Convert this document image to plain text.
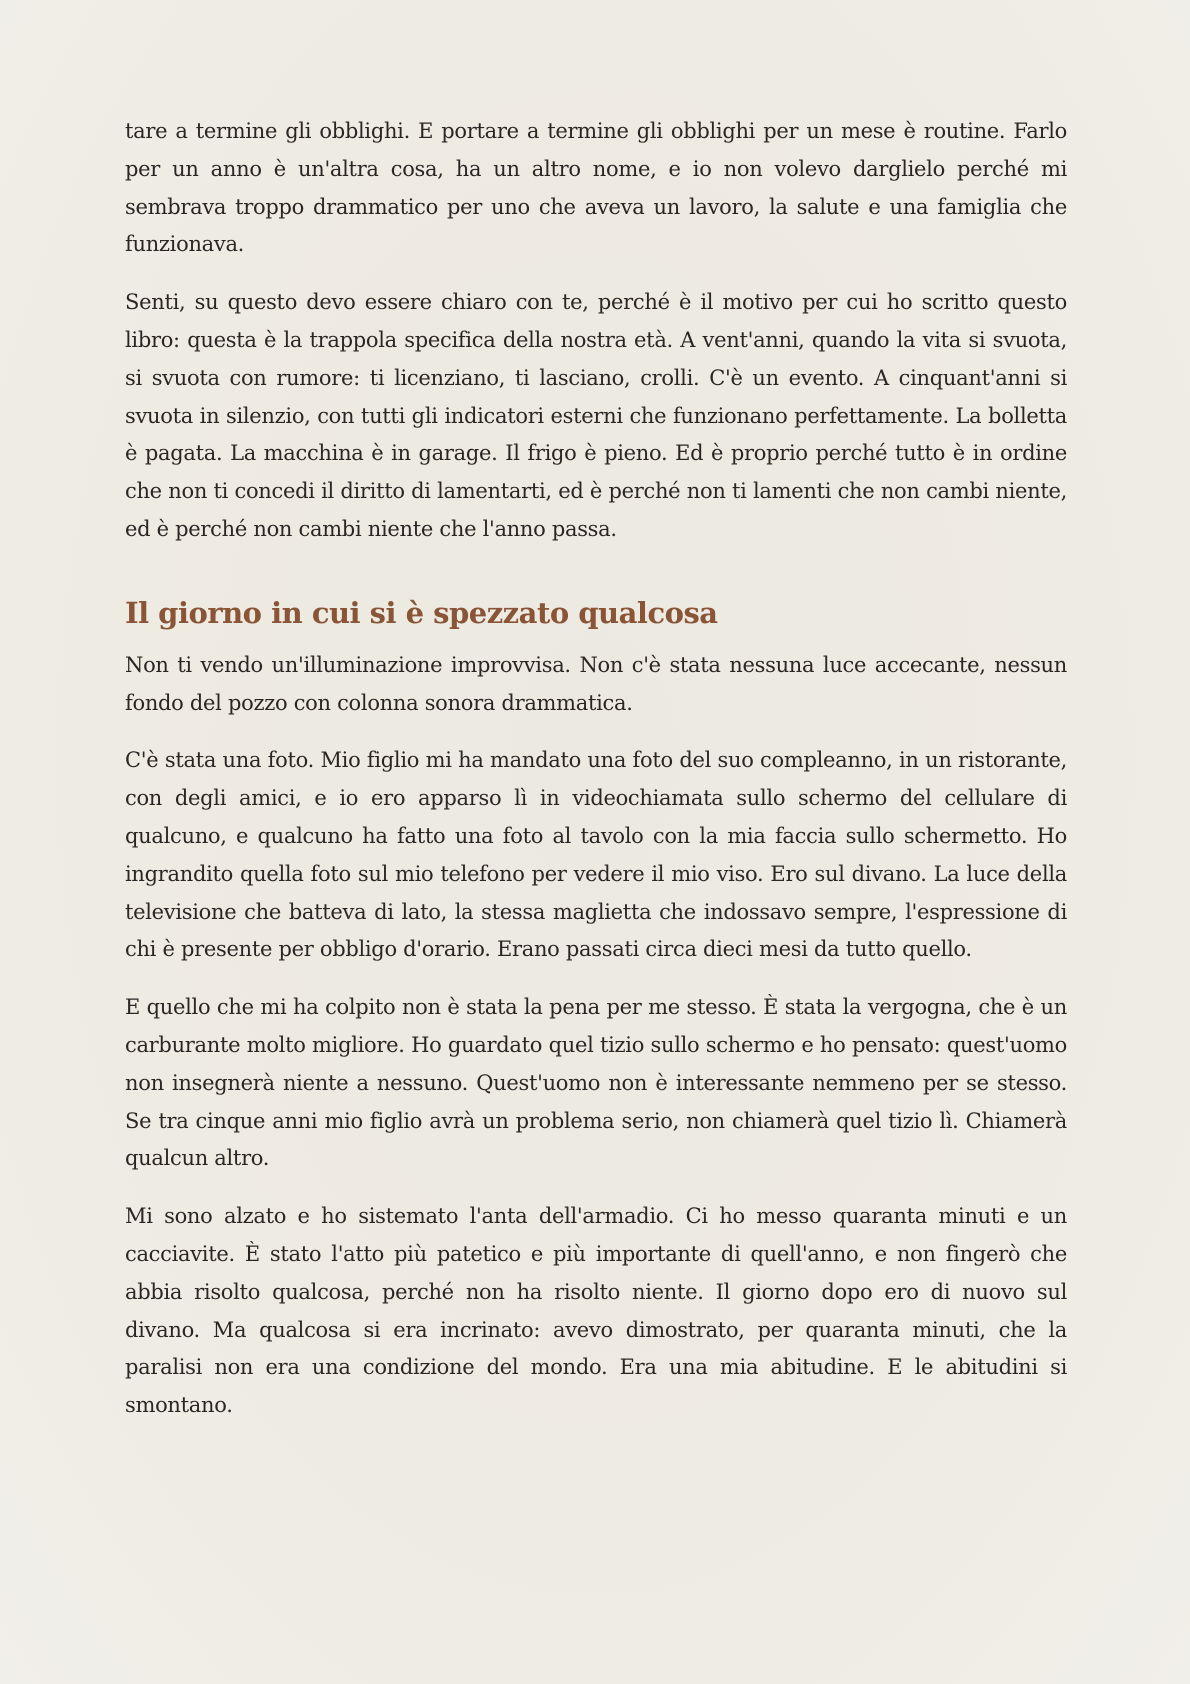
tare a termine gli obblighi. E portare a termine gli obblighi per un mese è routine. Farlo per un anno è un'altra cosa, ha un altro nome, e io non volevo darglielo perché mi sembrava troppo drammatico per uno che aveva un lavoro, la salute e una famiglia che funzionava.

Senti, su questo devo essere chiaro con te, perché è il motivo per cui ho scritto questo libro: questa è la trappola specifica della nostra età. A vent'anni, quando la vita si svuota, si svuota con rumore: ti licenziano, ti lasciano, crolli. C'è un evento. A cinquant'anni si svuota in silenzio, con tutti gli indicatori esterni che funzionano perfettamente. La bolletta è pagata. La macchina è in garage. Il frigo è pieno. Ed è proprio perché tutto è in ordine che non ti concedi il diritto di lamentarti, ed è perché non ti lamenti che non cambi niente, ed è perché non cambi niente che l'anno passa.

Il giorno in cui si è spezzato qualcosa

Non ti vendo un'illuminazione improvvisa. Non c'è stata nessuna luce accecante, nessun fondo del pozzo con colonna sonora drammatica.

C'è stata una foto. Mio figlio mi ha mandato una foto del suo compleanno, in un ristorante, con degli amici, e io ero apparso lì in videochiamata sullo schermo del cellulare di qualcuno, e qualcuno ha fatto una foto al tavolo con la mia faccia sullo schermetto. Ho ingrandito quella foto sul mio telefono per vedere il mio viso. Ero sul divano. La luce della televisione che batteva di lato, la stessa maglietta che indossavo sempre, l'espressione di chi è presente per obbligo d'orario. Erano passati circa dieci mesi da tutto quello.

E quello che mi ha colpito non è stata la pena per me stesso. È stata la vergogna, che è un carburante molto migliore. Ho guardato quel tizio sullo schermo e ho pensato: quest'uomo non insegnerà niente a nessuno. Quest'uomo non è interessante nemmeno per se stesso. Se tra cinque anni mio figlio avrà un problema serio, non chiamerà quel tizio lì. Chiamerà qualcun altro.

Mi sono alzato e ho sistemato l'anta dell'armadio. Ci ho messo quaranta minuti e un cacciavite. È stato l'atto più patetico e più importante di quell'anno, e non fingerò che abbia risolto qualcosa, perché non ha risolto niente. Il giorno dopo ero di nuovo sul divano. Ma qualcosa si era incrinato: avevo dimostrato, per quaranta minuti, che la paralisi non era una condizione del mondo. Era una mia abitudine. E le abitudini si smontano.
